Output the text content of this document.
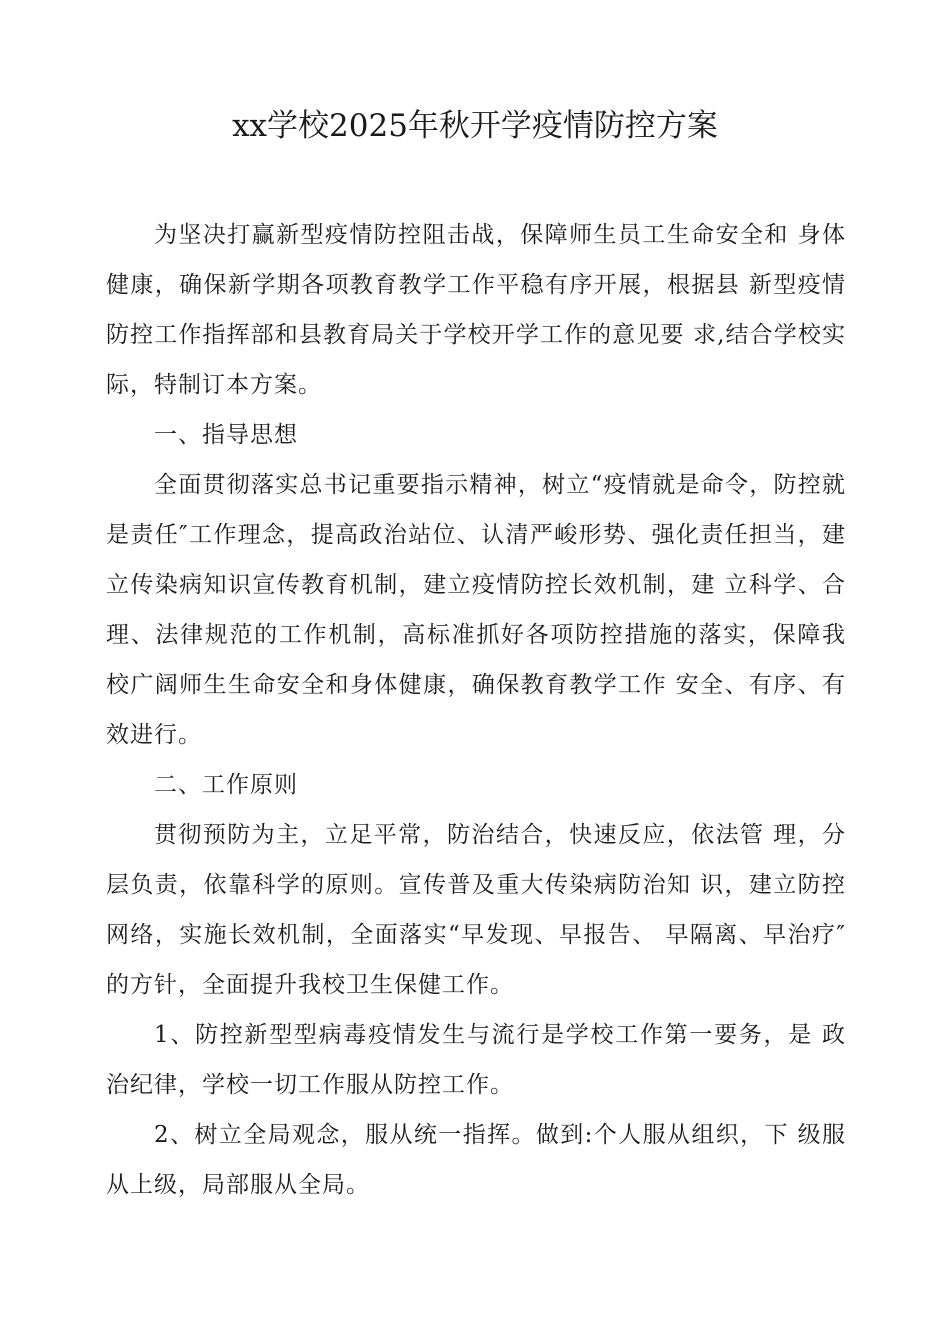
xx学校2025年秋开学疫情防控方案

为坚决打赢新型疫情防控阻击战，保障师生员工生命安全和 身体健康，确保新学期各项教育教学工作平稳有序开展，根据县 新型疫情防控工作指挥部和县教育局关于学校开学工作的意见要 求,结合学校实际，特制订本方案。

一、指导思想

全面贯彻落实总书记重要指示精神，树立“疫情就是命令，防控就是责任″工作理念，提高政治站位、认清严峻形势、强化责任担当，建立传染病知识宣传教育机制，建立疫情防控长效机制，建 立科学、合理、法律规范的工作机制，高标准抓好各项防控措施的落实，保障我校广阔师生生命安全和身体健康，确保教育教学工作 安全、有序、有效进行。

二、工作原则

贯彻预防为主，立足平常，防治结合，快速反应，依法管 理，分层负责，依靠科学的原则。宣传普及重大传染病防治知 识，建立防控网络，实施长效机制，全面落实“早发现、早报告、 早隔离、早治疗″的方针，全面提升我校卫生保健工作。

1、防控新型型病毒疫情发生与流行是学校工作第一要务，是 政治纪律，学校一切工作服从防控工作。

2、树立全局观念，服从统一指挥。做到:个人服从组织，下 级服从上级，局部服从全局。
